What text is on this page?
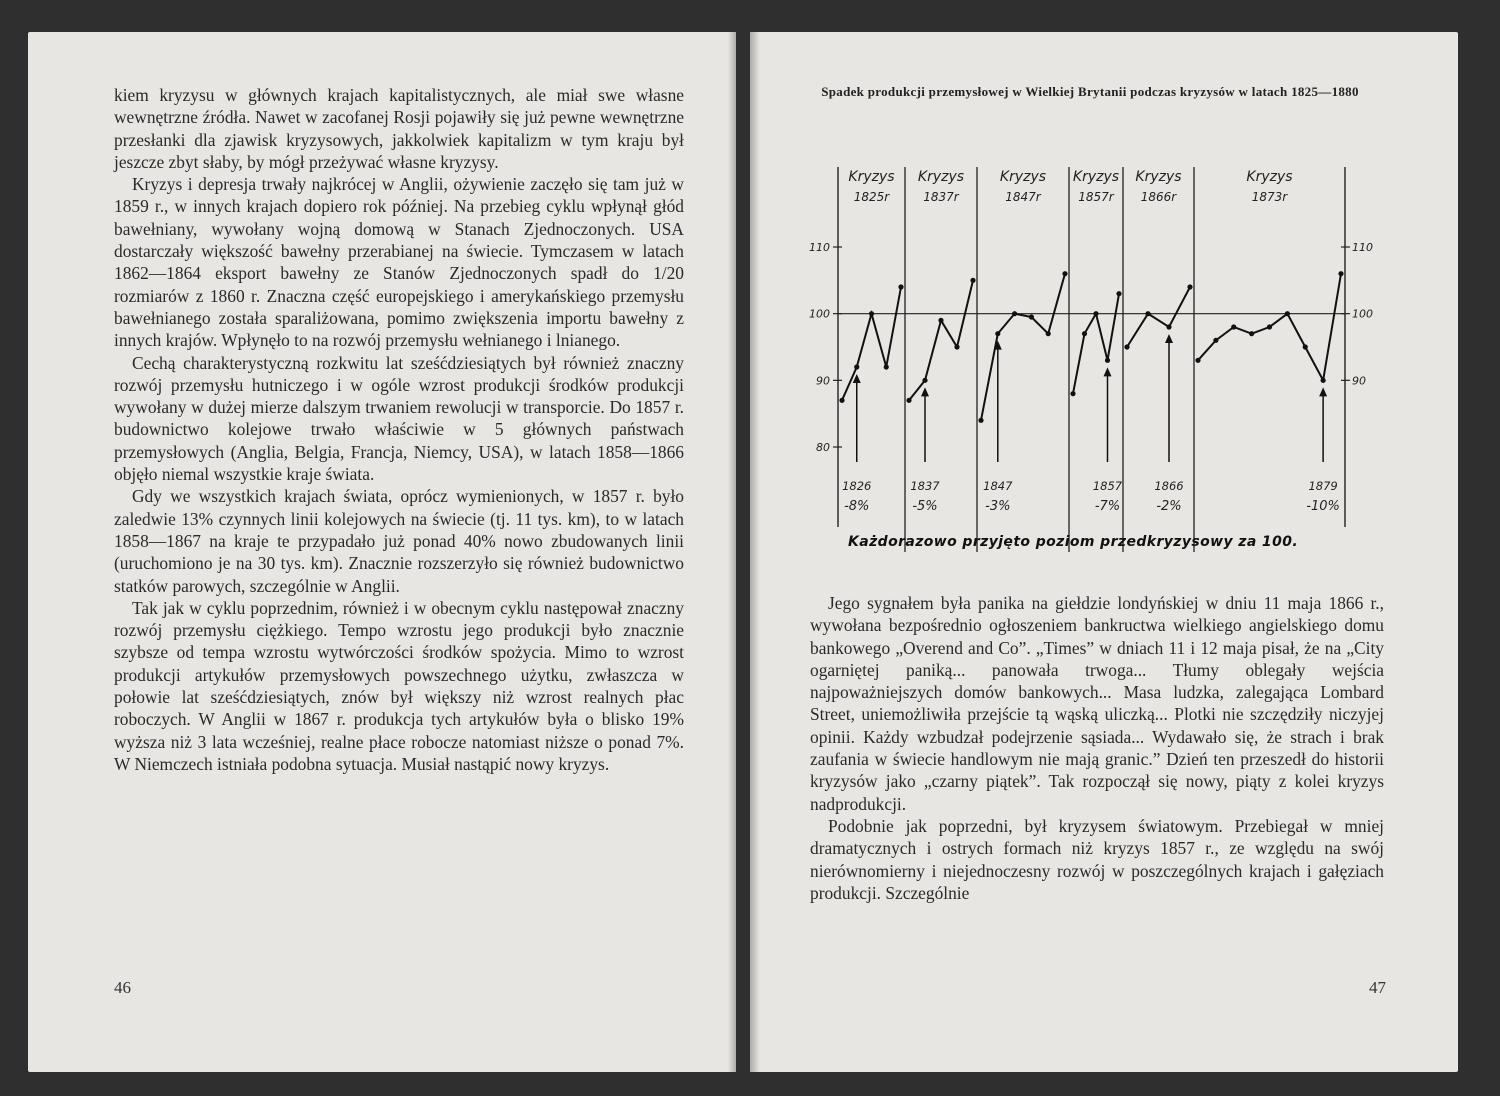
kiem kryzysu w głównych krajach kapitalistycznych, ale miał swe własne wewnętrzne źródła. Nawet w zacofanej Rosji pojawiły się już pewne wewnętrzne przesłanki dla zjawisk kryzysowych, jakkolwiek kapitalizm w tym kraju był jeszcze zbyt słaby, by mógł przeżywać własne kryzysy.

Kryzys i depresja trwały najkrócej w Anglii, ożywienie zaczęło się tam już w 1859 r., w innych krajach dopiero rok później. Na przebieg cyklu wpłynął głód bawełniany, wywołany wojną domową w Stanach Zjednoczonych. USA dostarczały większość bawełny przerabianej na świecie. Tymczasem w latach 1862—1864 eksport bawełny ze Stanów Zjednoczonych spadł do 1/20 rozmiarów z 1860 r. Znaczna część europejskiego i amerykańskiego przemysłu bawełnianego została sparaliżowana, pomimo zwiększenia importu bawełny z innych krajów. Wpłynęło to na rozwój przemysłu wełnianego i lnianego.

Cechą charakterystyczną rozkwitu lat sześćdziesiątych był również znaczny rozwój przemysłu hutniczego i w ogóle wzrost produkcji środków produkcji wywołany w dużej mierze dalszym trwaniem rewolucji w transporcie. Do 1857 r. budownictwo kolejowe trwało właściwie w 5 głównych państwach przemysłowych (Anglia, Belgia, Francja, Niemcy, USA), w latach 1858—1866 objęło niemal wszystkie kraje świata.

Gdy we wszystkich krajach świata, oprócz wymienionych, w 1857 r. było zaledwie 13% czynnych linii kolejowych na świecie (tj. 11 tys. km), to w latach 1858—1867 na kraje te przypadało już ponad 40% nowo zbudowanych linii (uruchomiono je na 30 tys. km). Znacznie rozszerzyło się również budownictwo statków parowych, szczególnie w Anglii.

Tak jak w cyklu poprzednim, również i w obecnym cyklu następował znaczny rozwój przemysłu ciężkiego. Tempo wzrostu jego produkcji było znacznie szybsze od tempa wzrostu wytwórczości środków spożycia. Mimo to wzrost produkcji artykułów przemysłowych powszechnego użytku, zwłaszcza w połowie lat sześćdziesiątych, znów był większy niż wzrost realnych płac roboczych. W Anglii w 1867 r. produkcja tych artykułów była o blisko 19% wyższa niż 3 lata wcześniej, realne płace robocze natomiast niższe o ponad 7%. W Niemczech istniała podobna sytuacja. Musiał nastąpić nowy kryzys.

46
Spadek produkcji przemysłowej w Wielkiej Brytanii podczas kryzysów w latach 1825—1880
80
90	90
100	100
110	110
Kryzys
1825r
1826
-8%
Kryzys
1837r
1837
-5%
Kryzys
1847r
1847
-3%
Kryzys
1857r
1857
-7%
Kryzys
1866r
1866
-2%
Kryzys
1873r
1879
-10%
Każdorazowo przyjęto poziom przedkryzysowy za 100.

Jego sygnałem była panika na giełdzie londyńskiej w dniu 11 maja 1866 r., wywołana bezpośrednio ogłoszeniem bankructwa wielkiego angielskiego domu bankowego „Overend and Co”. „Times” w dniach 11 i 12 maja pisał, że na „City ogarniętej paniką... panowała trwoga... Tłumy oblegały wejścia najpoważniejszych domów bankowych... Masa ludzka, zalegająca Lombard Street, uniemożliwiła przejście tą wąską uliczką... Plotki nie szczędziły niczyjej opinii. Każdy wzbudzał podejrzenie sąsiada... Wydawało się, że strach i brak zaufania w świecie handlowym nie mają granic.” Dzień ten przeszedł do historii kryzysów jako „czarny piątek”. Tak rozpoczął się nowy, piąty z kolei kryzys nadprodukcji.

Podobnie jak poprzedni, był kryzysem światowym. Przebiegał w mniej dramatycznych i ostrych formach niż kryzys 1857 r., ze względu na swój nierównomierny i niejednoczesny rozwój w poszczególnych krajach i gałęziach produkcji. Szczególnie

47
